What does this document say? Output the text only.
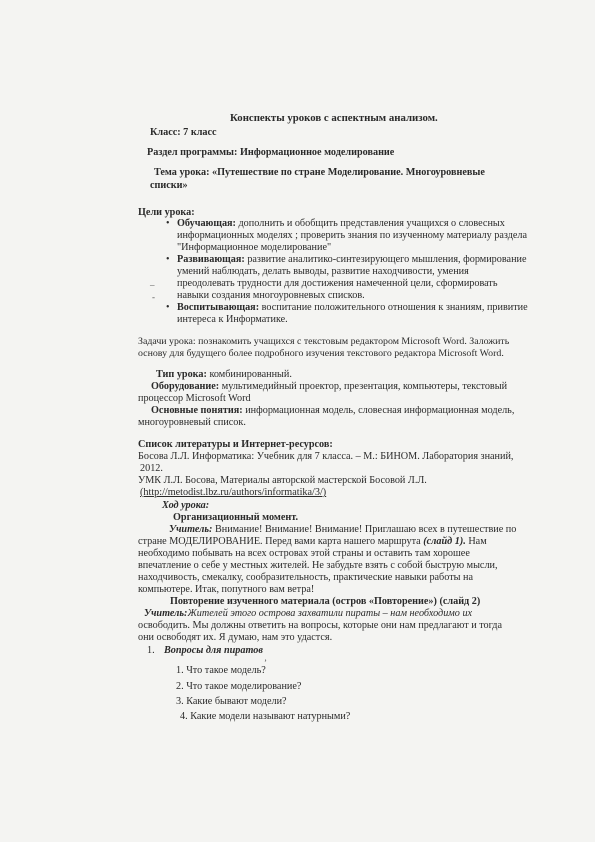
Конспекты уроков с аспектным анализом.
Класс: 7 класс
Раздел программы: Информационное моделирование
Тема урока: «Путешествие по стране Моделирование. Многоуровневые
списки»
Цели урока:
• Обучающая: дополнить и обобщить представления учащихся о словесных
информационных моделях ; проверить знания по изученному материалу раздела
"Информационное моделирование"
• Развивающая: развитие аналитико-синтезирующего мышления, формирование
умений наблюдать, делать выводы, развитие находчивости, умения
– преодолевать трудности для достижения намеченной цели, сформировать
- навыки создания многоуровневых списков.
• Воспитывающая: воспитание положительного отношения к знаниям, привитие
интереса к Информатике.
Задачи урока: познакомить учащихся с текстовым редактором Microsoft Word. Заложить
основу для будущего более подробного изучения текстового редактора Microsoft Word.
Тип урока: комбинированный.
Оборудование: мультимедийный проектор, презентация, компьютеры, текстовый
процессор Microsoft Word
Основные понятия: информационная модель, словесная информационная модель,
многоуровневый список.
Список литературы и Интернет-ресурсов:
Босова Л.Л. Информатика: Учебник для 7 класса. – М.: БИНОМ. Лаборатория знаний,
2012.
УМК Л.Л. Босова, Материалы авторской мастерской Босовой Л.Л.
(http://metodist.lbz.ru/authors/informatika/3/)
Ход урока:
Организационный момент.
Учитель: Внимание! Внимание! Внимание! Приглашаю всех в путешествие по
стране МОДЕЛИРОВАНИЕ. Перед вами карта нашего маршрута (слайд 1). Нам
необходимо побывать на всех островах этой страны и оставить там хорошее
впечатление о себе у местных жителей. Не забудьте взять с собой быструю мысли,
находчивость, смекалку, сообразительность, практические навыки работы на
компьютере. Итак, попутного вам ветра!
Повторение изученного материала (остров «Повторение») (слайд 2)
Учитель:Жителей этого острова захватили пираты – нам необходимо их
освободить. Мы должны ответить на вопросы, которые они нам предлагают и тогда
они освободят их. Я думаю, нам это удастся.
1. Вопросы для пиратов
1. Что такое модель?
ʼ
2. Что такое моделирование?
3. Какие бывают модели?
4. Какие модели называют натурными?
